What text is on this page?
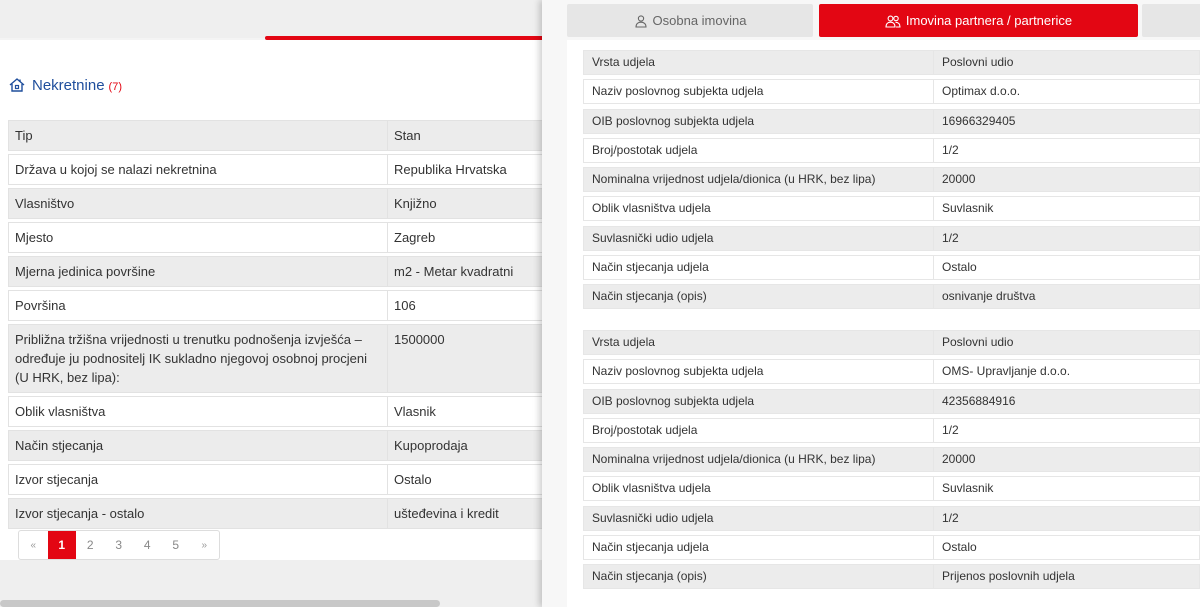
Nekretnine (7)
Tip	Stan
Država u kojoj se nalazi nekretnina	Republika Hrvatska
Vlasništvo	Knjižno
Mjesto	Zagreb
Mjerna jedinica površine	m2 - Metar kvadratni
Površina	106
Približna tržišna vrijednosti u trenutku podnošenja izvješća – određuje ju podnositelj IK sukladno njegovoj osobnoj procjeni (U HRK, bez lipa):	1500000
Oblik vlasništva	Vlasnik
Način stjecanja	Kupoprodaja
Izvor stjecanja	Ostalo
Izvor stjecanja - ostalo	ušteđevina i kredit
«	1	2	3	4	5	»
Osobna imovina	Imovina partnera / partnerice
Vrsta udjela	Poslovni udio
Naziv poslovnog subjekta udjela	Optimax d.o.o.
OIB poslovnog subjekta udjela	16966329405
Broj/postotak udjela	1/2
Nominalna vrijednost udjela/dionica (u HRK, bez lipa)	20000
Oblik vlasništva udjela	Suvlasnik
Suvlasnički udio udjela	1/2
Način stjecanja udjela	Ostalo
Način stjecanja (opis)	osnivanje društva
Vrsta udjela	Poslovni udio
Naziv poslovnog subjekta udjela	OMS- Upravljanje d.o.o.
OIB poslovnog subjekta udjela	42356884916
Broj/postotak udjela	1/2
Nominalna vrijednost udjela/dionica (u HRK, bez lipa)	20000
Oblik vlasništva udjela	Suvlasnik
Suvlasnički udio udjela	1/2
Način stjecanja udjela	Ostalo
Način stjecanja (opis)	Prijenos poslovnih udjela
